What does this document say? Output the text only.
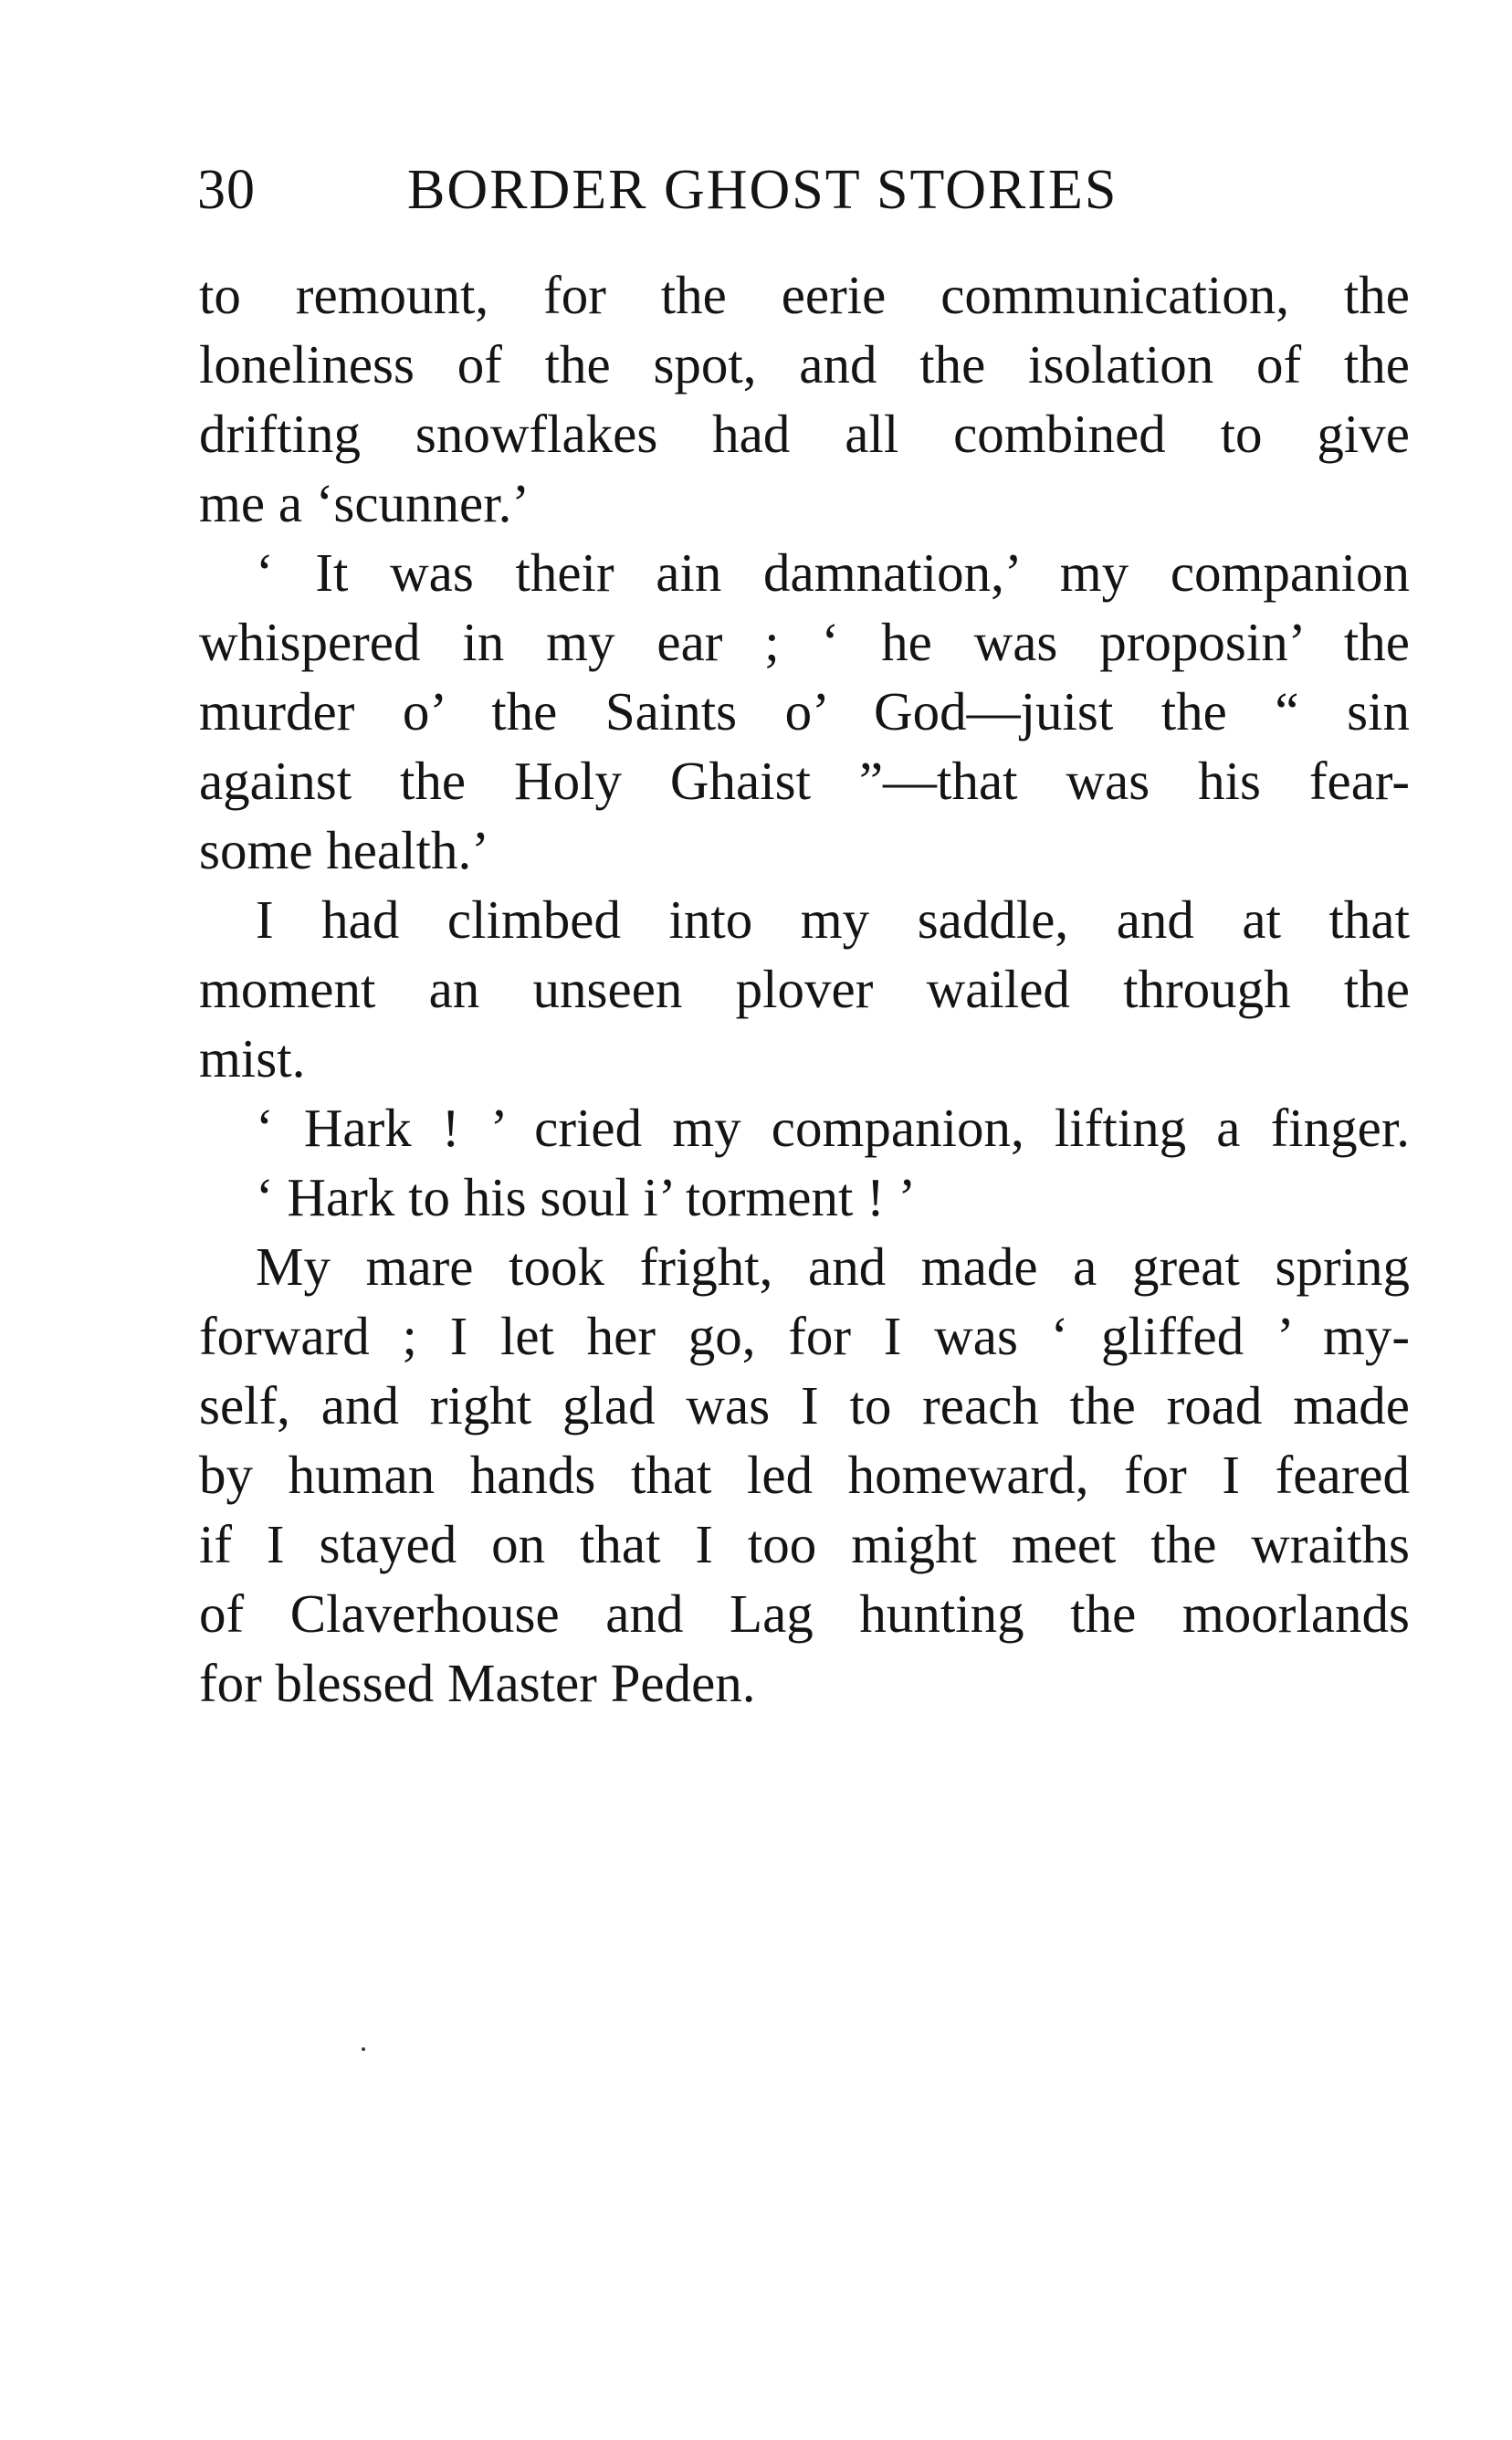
30	BORDER GHOST STORIES
to remount, for the eerie communication, the
loneliness of the spot, and the isolation of the
drifting snowflakes had all combined to give
me a ‘scunner.’
‘ It was their ain damnation,’ my companion
whispered in my ear ; ‘ he was proposin’ the
murder o’ the Saints o’ God—juist the “ sin
against the Holy Ghaist ”—that was his fear-
some health.’
I had climbed into my saddle, and at that
moment an unseen plover wailed through the
mist.
‘ Hark ! ’ cried my companion, lifting a finger.
‘ Hark to his soul i’ torment ! ’
My mare took fright, and made a great spring
forward ; I let her go, for I was ‘ gliffed ’ my-
self, and right glad was I to reach the road made
by human hands that led homeward, for I feared
if I stayed on that I too might meet the wraiths
of Claverhouse and Lag hunting the moorlands
for blessed Master Peden.
